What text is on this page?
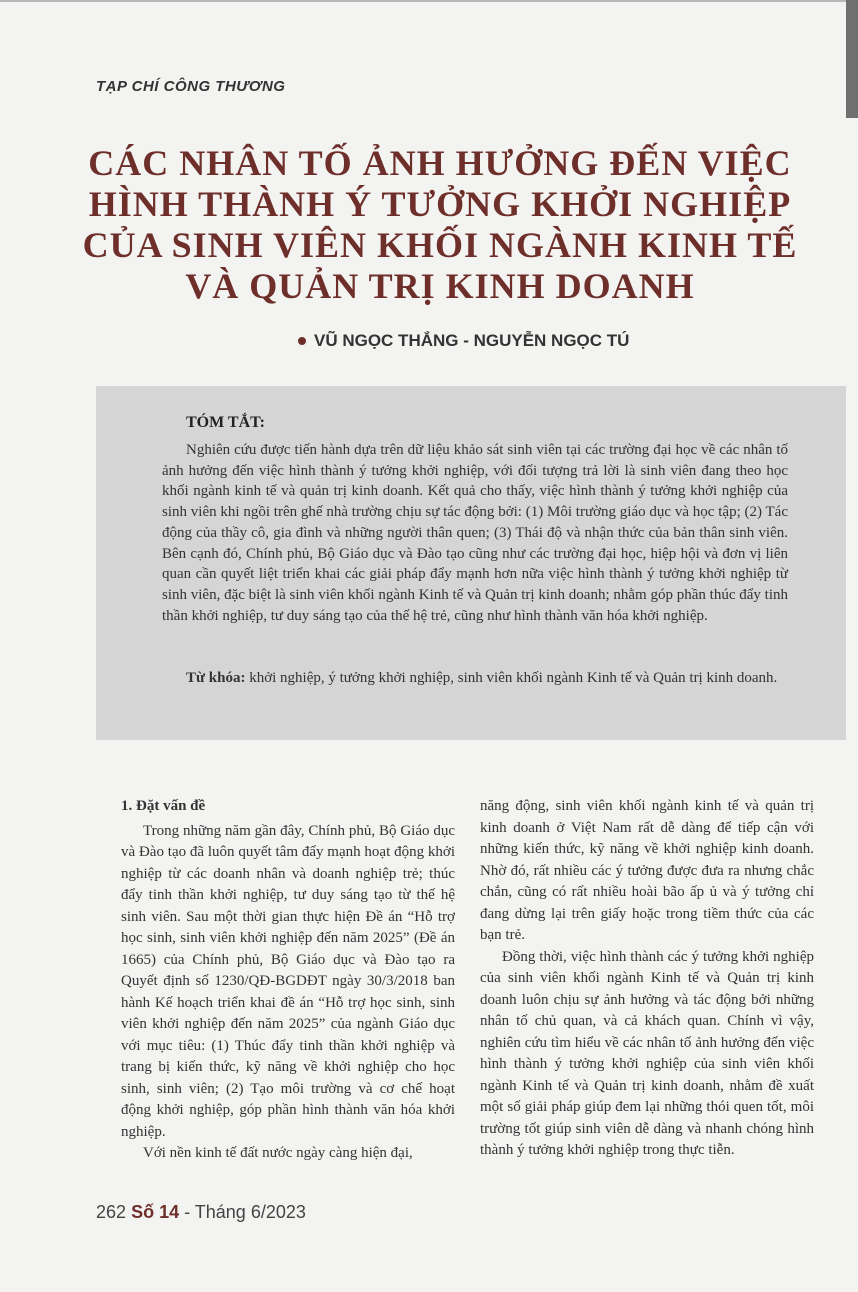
TẠP CHÍ CÔNG THƯƠNG
CÁC NHÂN TỐ ẢNH HƯỞNG ĐẾN VIỆC
HÌNH THÀNH Ý TƯỞNG KHỞI NGHIỆP
CỦA SINH VIÊN KHỐI NGÀNH KINH TẾ
VÀ QUẢN TRỊ KINH DOANH
VŨ NGỌC THẮNG - NGUYỄN NGỌC TÚ
TÓM TẮT:
Nghiên cứu được tiến hành dựa trên dữ liệu khảo sát sinh viên tại các trường đại học về các nhân tố ảnh hưởng đến việc hình thành ý tưởng khởi nghiệp, với đối tượng trả lời là sinh viên đang theo học khối ngành kinh tế và quản trị kinh doanh. Kết quả cho thấy, việc hình thành ý tưởng khởi nghiệp của sinh viên khi ngồi trên ghế nhà trường chịu sự tác động bởi: (1) Môi trường giáo dục và học tập; (2) Tác động của thầy cô, gia đình và những người thân quen; (3) Thái độ và nhận thức của bản thân sinh viên. Bên cạnh đó, Chính phủ, Bộ Giáo dục và Đào tạo cũng như các trường đại học, hiệp hội và đơn vị liên quan cần quyết liệt triển khai các giải pháp đẩy mạnh hơn nữa việc hình thành ý tưởng khởi nghiệp từ sinh viên, đặc biệt là sinh viên khối ngành Kinh tế và Quản trị kinh doanh; nhằm góp phần thúc đẩy tinh thần khởi nghiệp, tư duy sáng tạo của thế hệ trẻ, cũng như hình thành văn hóa khởi nghiệp.
Từ khóa: khởi nghiệp, ý tưởng khởi nghiệp, sinh viên khối ngành Kinh tế và Quản trị kinh doanh.
1. Đặt vấn đề

Trong những năm gần đây, Chính phủ, Bộ Giáo dục và Đào tạo đã luôn quyết tâm đẩy mạnh hoạt động khởi nghiệp từ các doanh nhân và doanh nghiệp trẻ; thúc đẩy tinh thần khởi nghiệp, tư duy sáng tạo từ thế hệ sinh viên. Sau một thời gian thực hiện Đề án “Hỗ trợ học sinh, sinh viên khởi nghiệp đến năm 2025” (Đề án 1665) của Chính phủ, Bộ Giáo dục và Đào tạo ra Quyết định số 1230/QĐ-BGDĐT ngày 30/3/2018 ban hành Kế hoạch triển khai đề án “Hỗ trợ học sinh, sinh viên khởi nghiệp đến năm 2025” của ngành Giáo dục với mục tiêu: (1) Thúc đẩy tinh thần khởi nghiệp và trang bị kiến thức, kỹ năng về khởi nghiệp cho học sinh, sinh viên; (2) Tạo môi trường và cơ chế hoạt động khởi nghiệp, góp phần hình thành văn hóa khởi nghiệp.

Với nền kinh tế đất nước ngày càng hiện đại,

năng động, sinh viên khối ngành kinh tế và quản trị kinh doanh ở Việt Nam rất dễ dàng để tiếp cận với những kiến thức, kỹ năng về khởi nghiệp kinh doanh. Nhờ đó, rất nhiều các ý tưởng được đưa ra nhưng chắc chắn, cũng có rất nhiều hoài bão ấp ủ và ý tưởng chỉ đang dừng lại trên giấy hoặc trong tiềm thức của các bạn trẻ.

Đồng thời, việc hình thành các ý tưởng khởi nghiệp của sinh viên khối ngành Kinh tế và Quản trị kinh doanh luôn chịu sự ảnh hưởng và tác động bởi những nhân tố chủ quan, và cả khách quan. Chính vì vậy, nghiên cứu tìm hiểu về các nhân tố ảnh hưởng đến việc hình thành ý tưởng khởi nghiệp của sinh viên khối ngành Kinh tế và Quản trị kinh doanh, nhằm đề xuất một số giải pháp giúp đem lại những thói quen tốt, môi trường tốt giúp sinh viên dễ dàng và nhanh chóng hình thành ý tưởng khởi nghiệp trong thực tiễn.

262 Số 14 - Tháng 6/2023
